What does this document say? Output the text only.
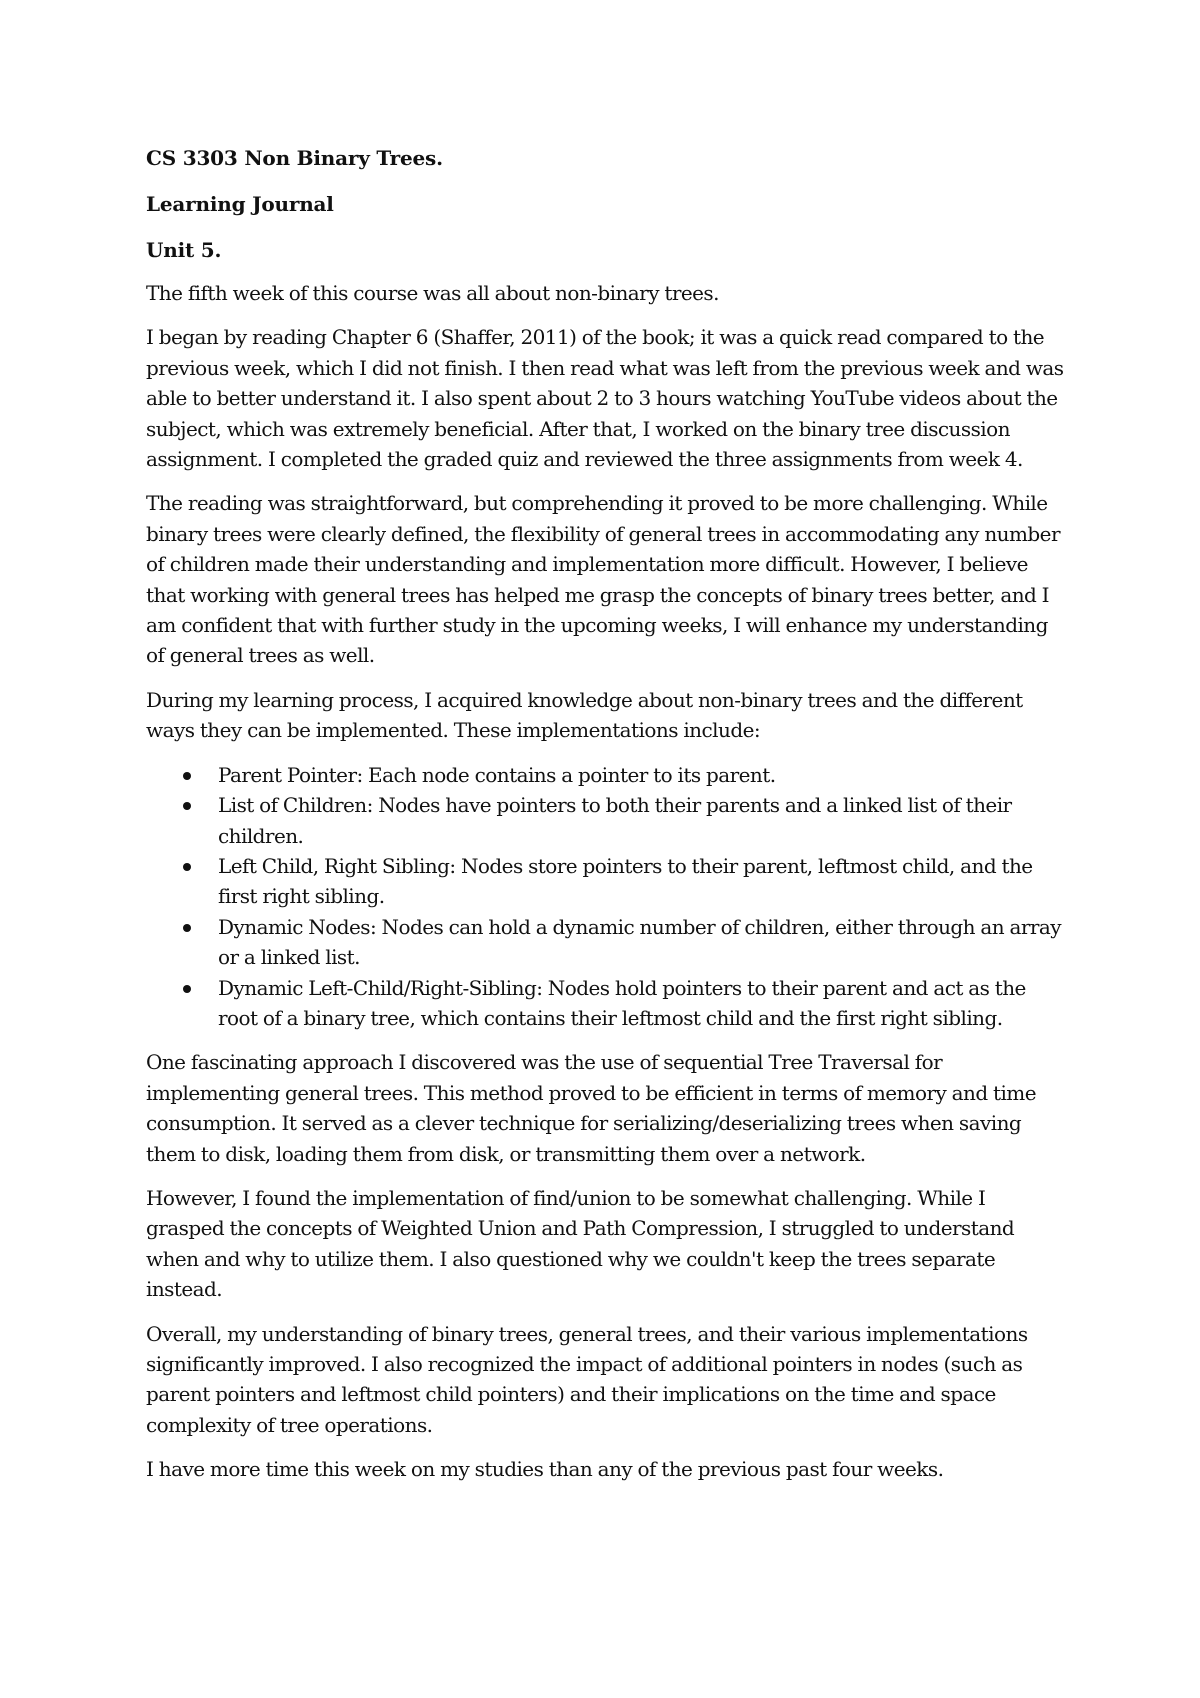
CS 3303 Non Binary Trees.
Learning Journal
Unit 5.

The fifth week of this course was all about non-binary trees.

I began by reading Chapter 6 (Shaffer, 2011) of the book; it was a quick read compared to the previous week, which I did not finish. I then read what was left from the previous week and was able to better understand it. I also spent about 2 to 3 hours watching YouTube videos about the subject, which was extremely beneficial. After that, I worked on the binary tree discussion assignment. I completed the graded quiz and reviewed the three assignments from week 4.

The reading was straightforward, but comprehending it proved to be more challenging. While binary trees were clearly defined, the flexibility of general trees in accommodating any number of children made their understanding and implementation more difficult. However, I believe that working with general trees has helped me grasp the concepts of binary trees better, and I am confident that with further study in the upcoming weeks, I will enhance my understanding of general trees as well.

During my learning process, I acquired knowledge about non-binary trees and the different ways they can be implemented. These implementations include:

Parent Pointer: Each node contains a pointer to its parent.
List of Children: Nodes have pointers to both their parents and a linked list of their children.
Left Child, Right Sibling: Nodes store pointers to their parent, leftmost child, and the first right sibling.
Dynamic Nodes: Nodes can hold a dynamic number of children, either through an array or a linked list.
Dynamic Left-Child/Right-Sibling: Nodes hold pointers to their parent and act as the root of a binary tree, which contains their leftmost child and the first right sibling.

One fascinating approach I discovered was the use of sequential Tree Traversal for implementing general trees. This method proved to be efficient in terms of memory and time consumption. It served as a clever technique for serializing/deserializing trees when saving them to disk, loading them from disk, or transmitting them over a network.

However, I found the implementation of find/union to be somewhat challenging. While I grasped the concepts of Weighted Union and Path Compression, I struggled to understand when and why to utilize them. I also questioned why we couldn't keep the trees separate instead.

Overall, my understanding of binary trees, general trees, and their various implementations significantly improved. I also recognized the impact of additional pointers in nodes (such as parent pointers and leftmost child pointers) and their implications on the time and space complexity of tree operations.

I have more time this week on my studies than any of the previous past four weeks.
